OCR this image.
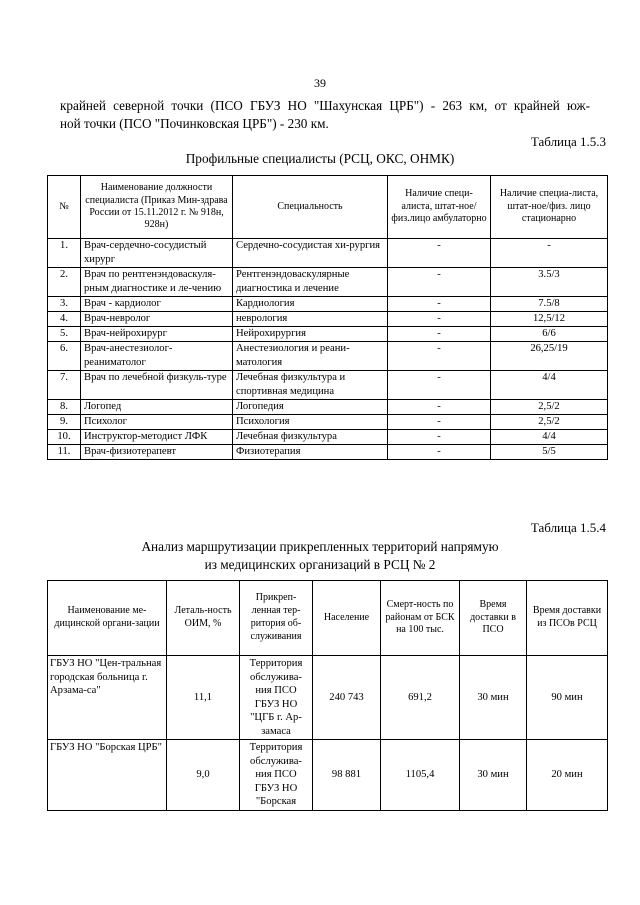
39
крайней северной точки (ПСО ГБУЗ НО "Шахунская ЦРБ") - 263 км, от крайней юж-
ной точки (ПСО "Починковская ЦРБ") - 230 км.
Таблица 1.5.3
Профильные специалисты (РСЦ, ОКС, ОНМК)
№	Наименование должности специалиста (Приказ Мин-здрава России от 15.11.2012 г. № 918н, 928н)	Специальность	Наличие специ-алиста, штат-ное/физ.лицо амбулаторно	Наличие специа-листа, штат-ное/физ. лицо стационарно
1.	Врач-сердечно-сосудистый хирург	Сердечно-сосудистая хи-рургия	-	-
2.	Врач по рентгенэндоваскуля-рным диагностике и ле-чению	Рентгенэндоваскулярные диагностика и лечение	-	3.5/3
3.	Врач - кардиолог	Кардиология	-	7.5/8
4.	Врач-невролог	неврология	-	12,5/12
5.	Врач-нейрохирург	Нейрохирургия	-	6/6
6.	Врач-анестезиолог-реаниматолог	Анестезиология и реани-матология	-	26,25/19
7.	Врач по лечебной физкуль-туре	Лечебная физкультура и спортивная медицина	-	4/4
8.	Логопед	Логопедия	-	2,5/2
9.	Психолог	Психология	-	2,5/2
10.	Инструктор-методист ЛФК	Лечебная физкультура	-	4/4
11.	Врач-физиотерапевт	Физиотерапия	-	5/5
Таблица 1.5.4
Анализ маршрутизации прикрепленных территорий напрямую
из медицинских организаций в РСЦ № 2
Наименование ме-дицинской органи-зации	Леталь-ность ОИМ, %	Прикреп-ленная тер-ритория об-служивания	Население	Смерт-ность по районам от БСК на 100 тыс.	Время доставки в ПСО	Время доставки из ПСОв РСЦ
ГБУЗ НО "Цен-тральная городская больница г. Арзама-са"	11,1	Территория обслужива-ния ПСО ГБУЗ НО "ЦГБ г. Ар-замаса	240 743	691,2	30 мин	90 мин
ГБУЗ НО "Борская ЦРБ"	9,0	Территория обслужива-ния ПСО ГБУЗ НО "Борская	98 881	1105,4	30 мин	20 мин
